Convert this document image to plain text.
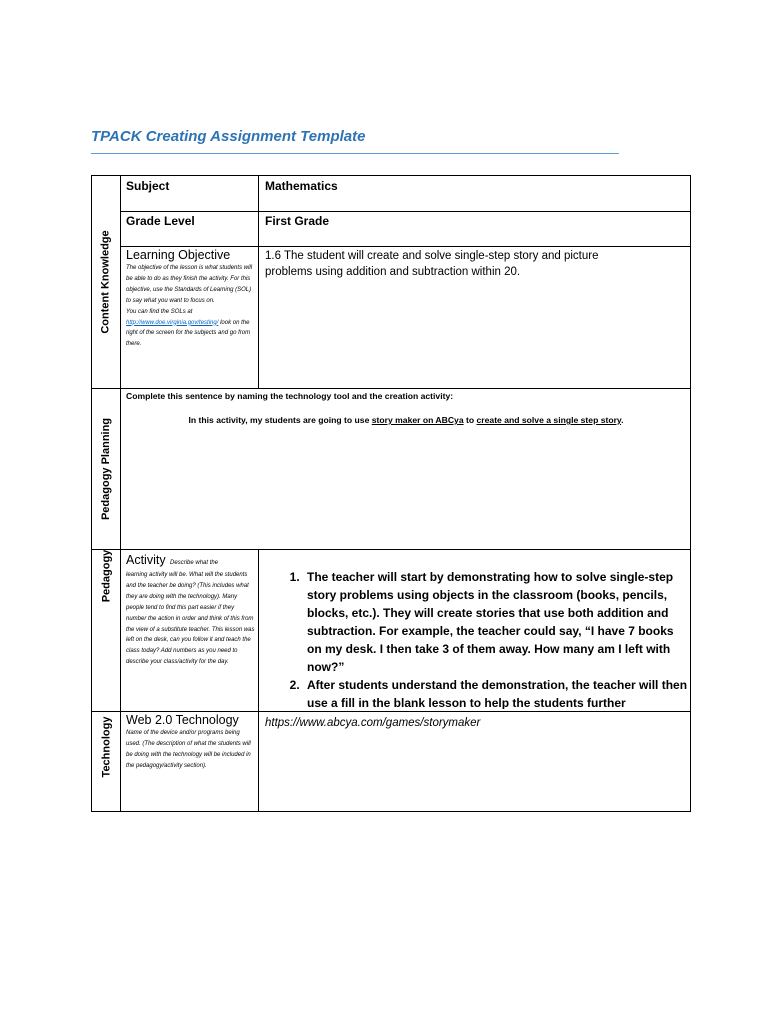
TPACK Creating Assignment Template
Content Knowledge
Pedagogy Planning
Pedagogy
Technology
Subject	Mathematics
Grade Level	First Grade
Learning Objective
The objective of the lesson is what students will be able to do as they finish the activity. For this objective, use the Standards of Learning (SOL) to say what you want to focus on.
You can find the SOLs at http://www.doe.virginia.gov/testing/ look on the right of the screen for the subjects and go from there.
1.6 The student will create and solve single-step story and picture problems using addition and subtraction within 20.
Complete this sentence by naming the technology tool and the creation activity:
In this activity, my students are going to use story maker on ABCya to create and solve a single step story.
Activity Describe what the
learning activity will be. What will the students and the teacher be doing? (This includes what they are doing with the technology). Many people tend to find this part easier if they number the action in order and think of this from the view of a substitute teacher. This lesson was left on the desk, can you follow it and teach the class today? Add numbers as you need to describe your class/activity for the day.
1. The teacher will start by demonstrating how to solve single-step story problems using objects in the classroom (books, pencils, blocks, etc.). They will create stories that use both addition and subtraction. For example, the teacher could say, “I have 7 books on my desk. I then take 3 of them away. How many am I left with now?”
2. After students understand the demonstration, the teacher will then use a fill in the blank lesson to help the students further
Web 2.0 Technology
Name of the device and/or programs being used. (The description of what the students will be doing with the technology will be included in the pedagogy/activity section).
https://www.abcya.com/games/storymaker
